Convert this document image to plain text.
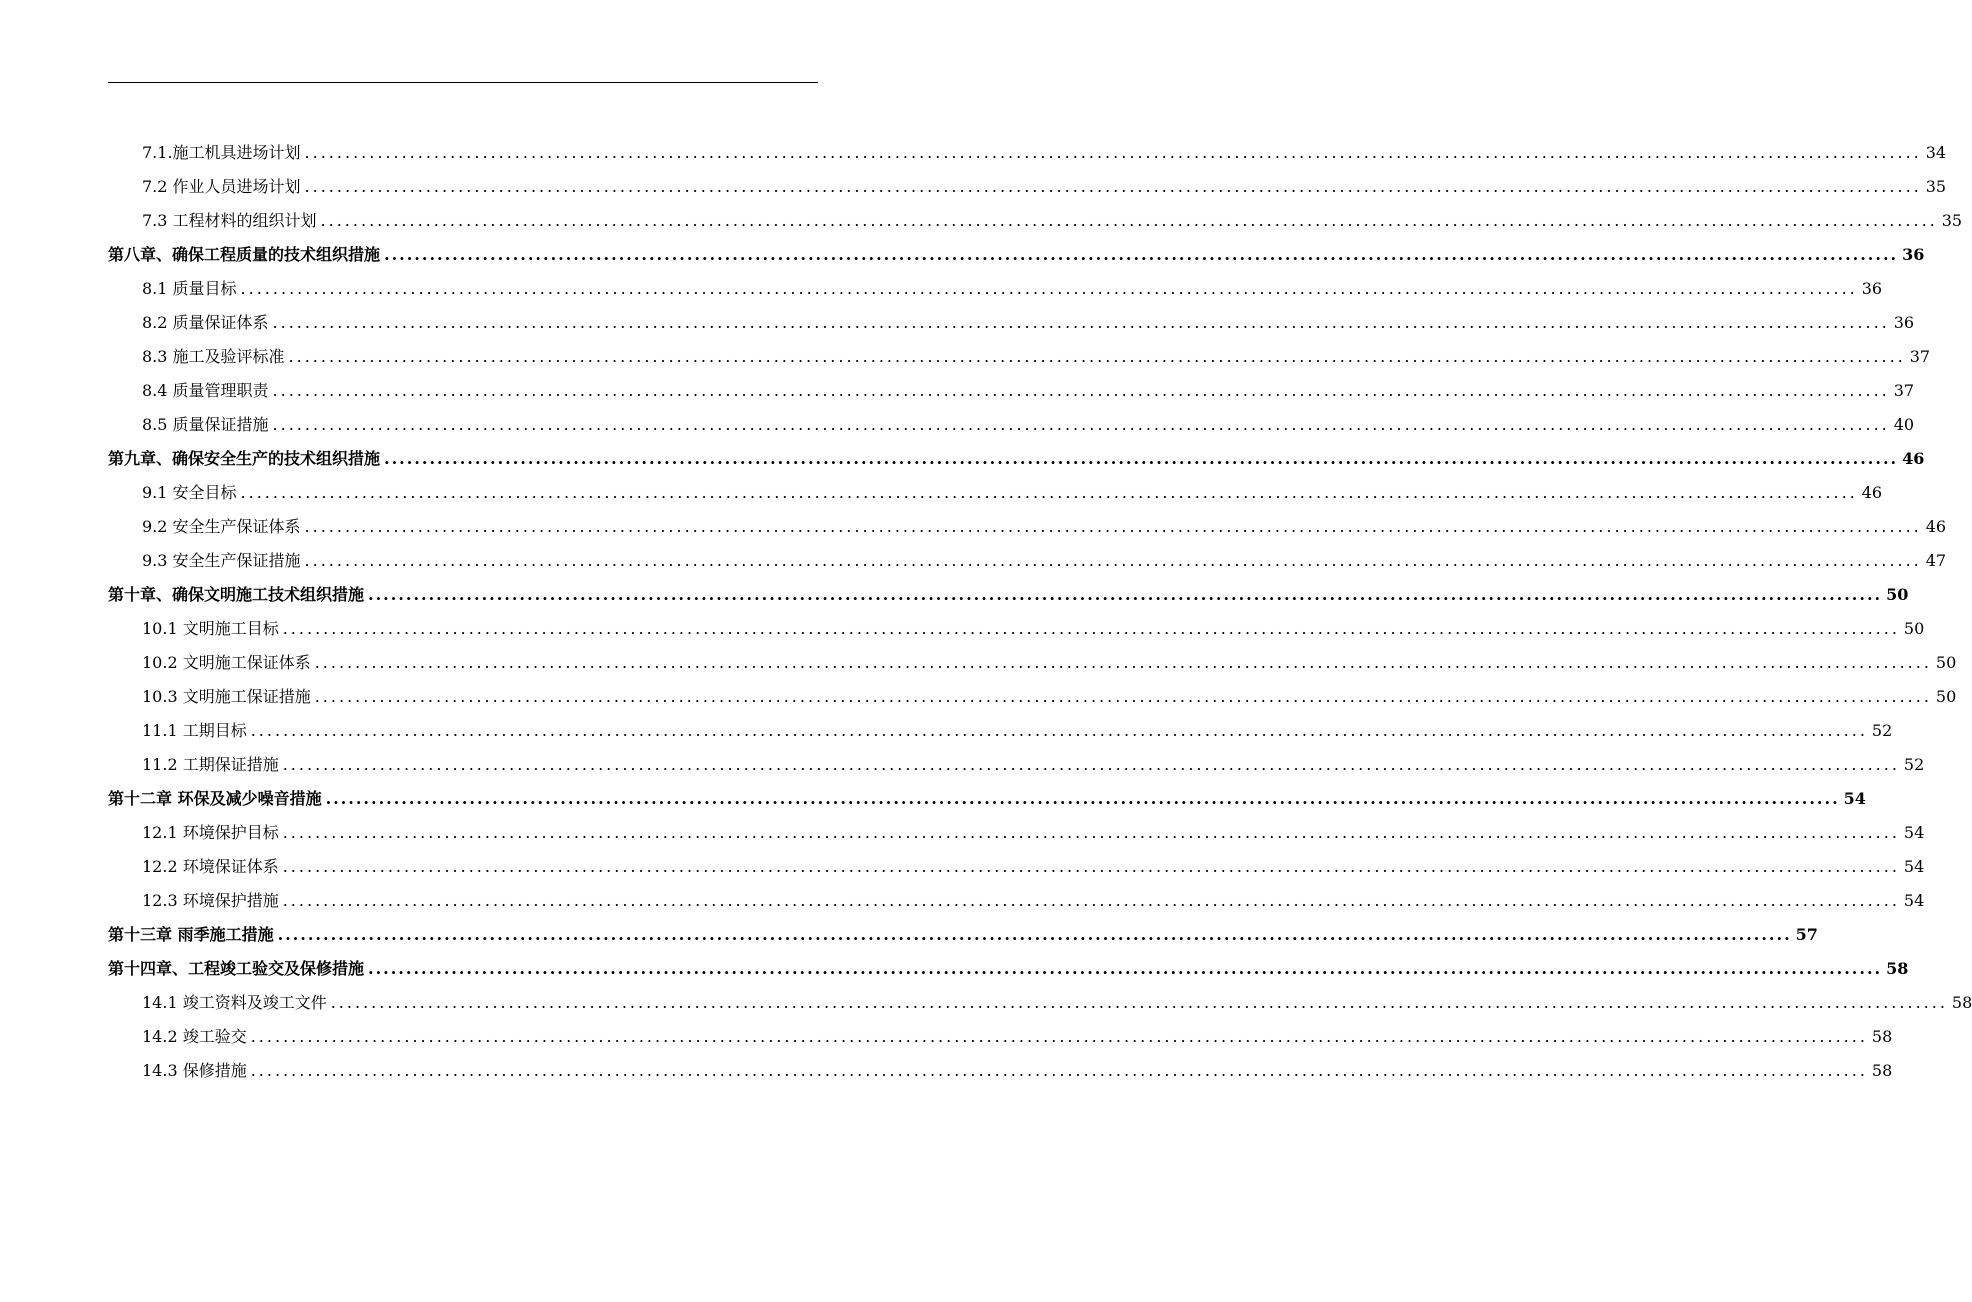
7.1.施工机具进场计划 ........................................................................................................................................................................................................ 34
7.2 作业人员进场计划 ........................................................................................................................................................................................................ 35
7.3 工程材料的组织计划 ........................................................................................................................................................................................................ 35
第八章、确保工程质量的技术组织措施 ........................................................................................................................................................................................................ 36
8.1 质量目标 ........................................................................................................................................................................................................ 36
8.2 质量保证体系 ........................................................................................................................................................................................................ 36
8.3 施工及验评标准 ........................................................................................................................................................................................................ 37
8.4 质量管理职责 ........................................................................................................................................................................................................ 37
8.5 质量保证措施 ........................................................................................................................................................................................................ 40
第九章、确保安全生产的技术组织措施 ........................................................................................................................................................................................................ 46
9.1 安全目标 ........................................................................................................................................................................................................ 46
9.2 安全生产保证体系 ........................................................................................................................................................................................................ 46
9.3 安全生产保证措施 ........................................................................................................................................................................................................ 47
第十章、确保文明施工技术组织措施 ........................................................................................................................................................................................................ 50
10.1 文明施工目标 ........................................................................................................................................................................................................ 50
10.2 文明施工保证体系 ........................................................................................................................................................................................................ 50
10.3 文明施工保证措施 ........................................................................................................................................................................................................ 50
11.1 工期目标 ........................................................................................................................................................................................................ 52
11.2 工期保证措施 ........................................................................................................................................................................................................ 52
第十二章 环保及减少噪音措施 ........................................................................................................................................................................................................ 54
12.1 环境保护目标 ........................................................................................................................................................................................................ 54
12.2 环境保证体系 ........................................................................................................................................................................................................ 54
12.3 环境保护措施 ........................................................................................................................................................................................................ 54
第十三章 雨季施工措施 ........................................................................................................................................................................................................ 57
第十四章、工程竣工验交及保修措施 ........................................................................................................................................................................................................ 58
14.1 竣工资料及竣工文件 ........................................................................................................................................................................................................ 58
14.2 竣工验交 ........................................................................................................................................................................................................ 58
14.3 保修措施 ........................................................................................................................................................................................................ 58
